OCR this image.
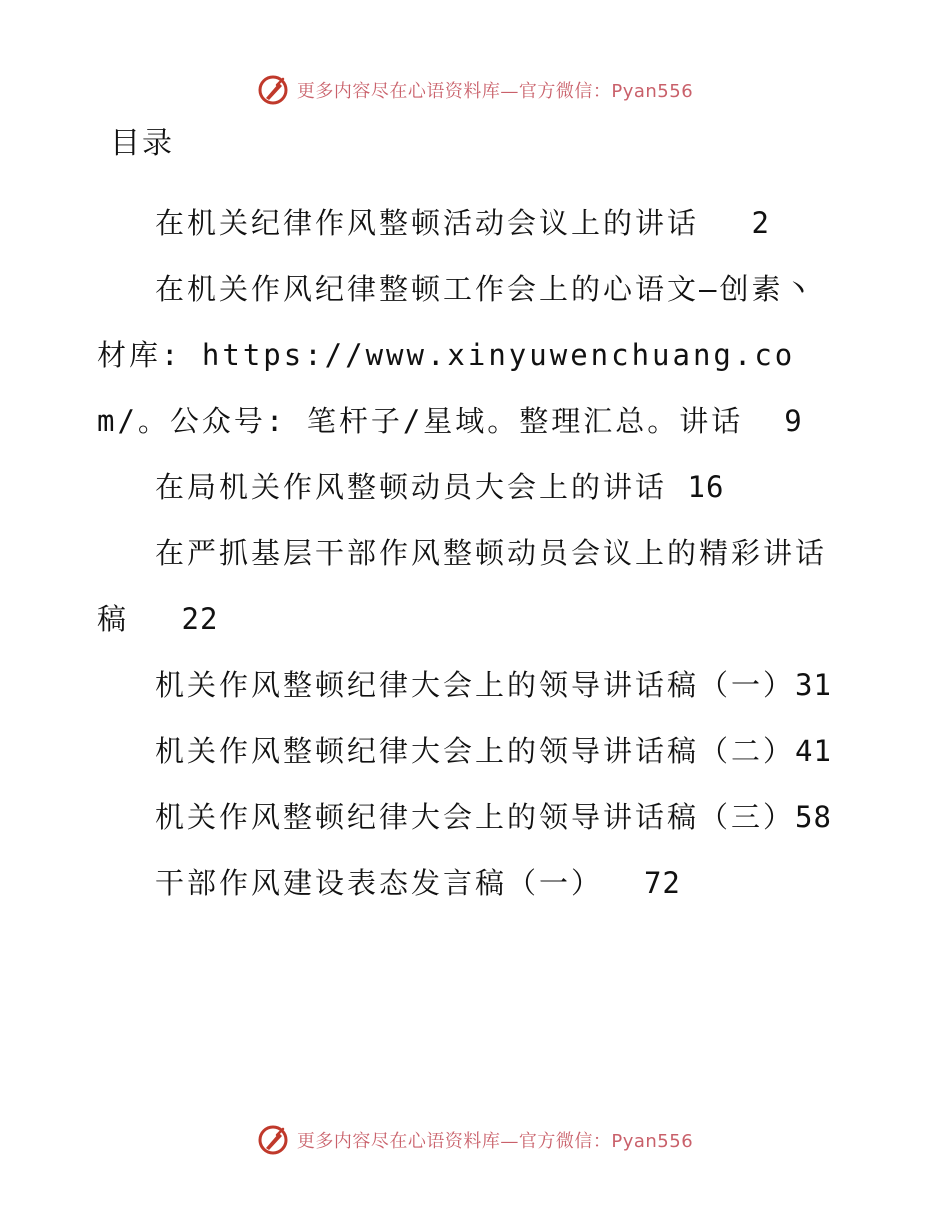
更多内容尽在心语资料库—官方微信：Pyan556
目录

在机关纪律作风整顿活动会议上的讲话　 2

在机关作风纪律整顿工作会上的心语文—创素丶材库: https://www.xinyuwenchuang.com/。公众号: 笔杆子/星域。整理汇总。讲话 9

在局机关作风整顿动员大会上的讲话 16

在严抓基层干部作风整顿动员会议上的精彩讲话稿　 22

机关作风整顿纪律大会上的领导讲话稿（一）31

机关作风整顿纪律大会上的领导讲话稿（二）41

机关作风整顿纪律大会上的领导讲话稿（三）58

干部作风建设表态发言稿（一） 72

更多内容尽在心语资料库—官方微信：Pyan556
